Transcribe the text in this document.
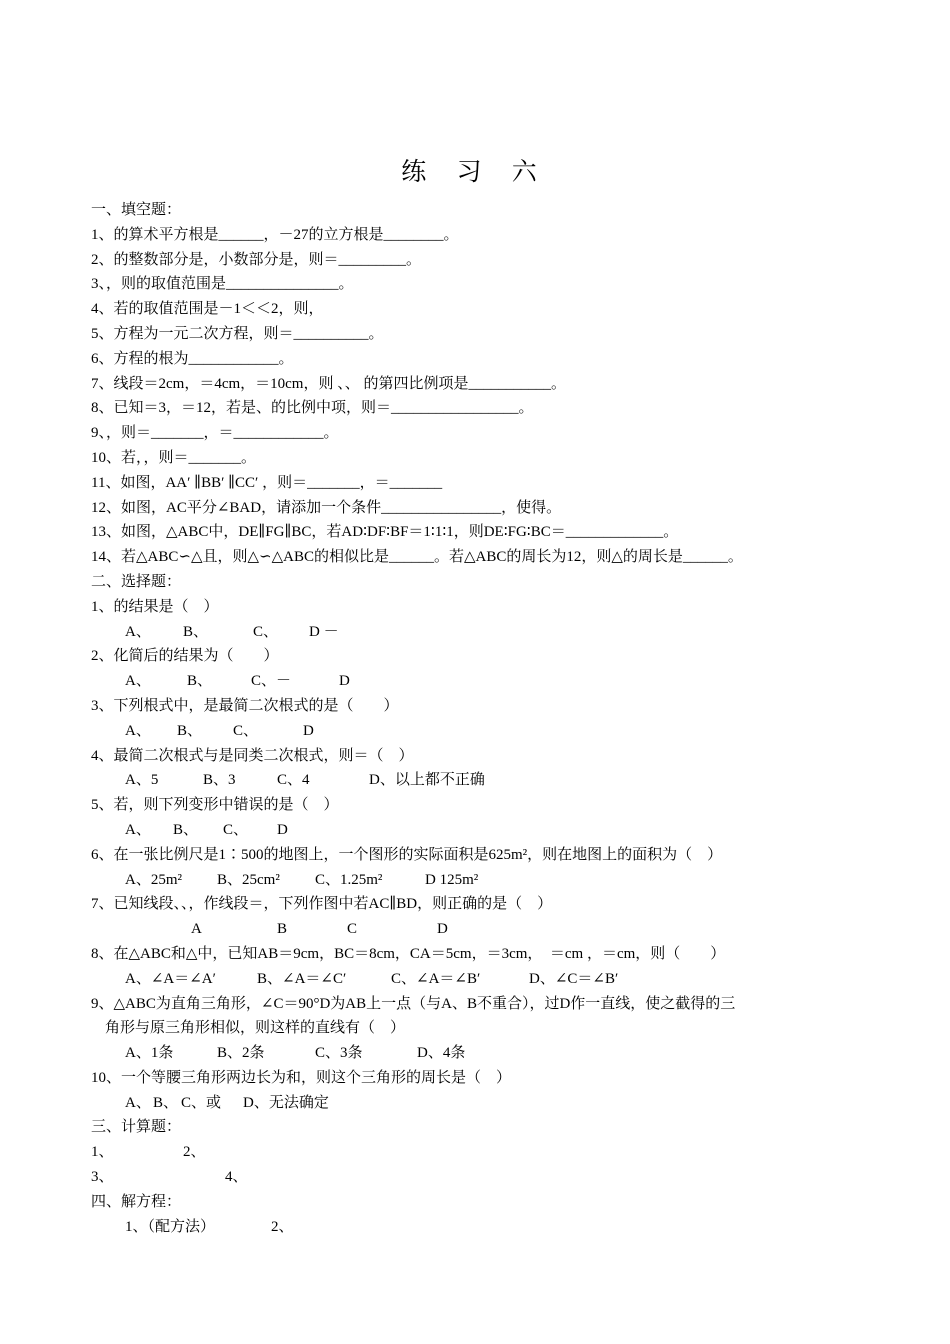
练 习 六
一、填空题：
1、的算术平方根是______，－27的立方根是________。
2、的整数部分是，小数部分是，则＝_________。
3、，则的取值范围是_______________。
4、若的取值范围是－1＜＜2，则，
5、方程为一元二次方程，则＝__________。
6、方程的根为____________。
7、线段＝2cm，＝4cm，＝10cm，则 、、 的第四比例项是___________。
8、已知＝3，＝12，若是、的比例中项，则＝_________________。
9、，则＝_______，＝____________。
10、若，，则＝_______。
11、如图，AA′ ∥BB′ ∥CC′ ，则＝_______，＝_______
12、如图，AC平分∠BAD，请添加一个条件________________，使得。
13、如图，△ABC中，DE∥FG∥BC，若AD∶DF∶BF＝1∶1∶1，则DE∶FG∶BC＝_____________。
14、若△ABC∽△且，则△∽△ABC的相似比是______。若△ABC的周长为12，则△的周长是______。
二、选择题：
1、的结果是（　）
A、 B、	C、 D －
2、化简后的结果为（　　）
A、 B、	C、－	D
3、下列根式中，是最简二次根式的是（　　）
A、 B、 C、	D
4、最简二次根式与是同类二次根式，则＝（　）
A、5	B、3	C、4	D、以上都不正确
5、若，则下列变形中错误的是（　）
A、 B、 C、 D
6、在一张比例尺是1∶500的地图上，一个图形的实际面积是625m²，则在地图上的面积为（　）
A、25m² B、25cm² C、1.25m²	D 125m²
7、已知线段、、，作线段＝，下列作图中若AC∥BD，则正确的是（　）
A	B	C	D
8、在△ABC和△中，已知AB＝9cm，BC＝8cm，CA＝5cm，＝3cm，　＝cm ，＝cm，则（　　）
A、∠A＝∠A′	B、∠A＝∠C′	C、∠A＝∠B′	D、∠C＝∠B′
9、△ABC为直角三角形，∠C＝90°D为AB上一点（与A、B不重合），过D作一直线，使之截得的三
角形与原三角形相似，则这样的直线有（　）
A、1条	B、2条	C、3条	D、4条
10、一个等腰三角形两边长为和，则这个三角形的周长是（　）
A、 B、 C、或 D、无法确定
三、计算题：
1、	2、
3、	4、
四、解方程：
1、（配方法）	2、
